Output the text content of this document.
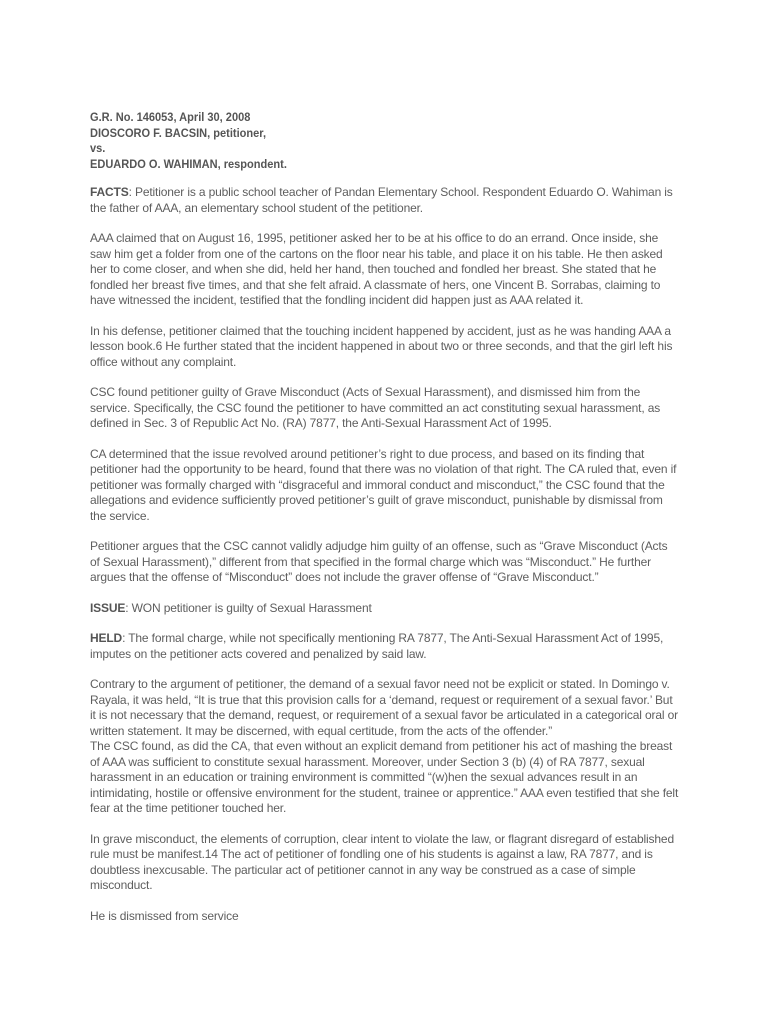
G.R. No. 146053, April 30, 2008
DIOSCORO F. BACSIN, petitioner,
vs.
EDUARDO O. WAHIMAN, respondent.

FACTS: Petitioner is a public school teacher of Pandan Elementary School. Respondent Eduardo O. Wahiman is the father of AAA, an elementary school student of the petitioner.

AAA claimed that on August 16, 1995, petitioner asked her to be at his office to do an errand. Once inside, she saw him get a folder from one of the cartons on the floor near his table, and place it on his table. He then asked her to come closer, and when she did, held her hand, then touched and fondled her breast. She stated that he fondled her breast five times, and that she felt afraid. A classmate of hers, one Vincent B. Sorrabas, claiming to have witnessed the incident, testified that the fondling incident did happen just as AAA related it.

In his defense, petitioner claimed that the touching incident happened by accident, just as he was handing AAA a lesson book.6 He further stated that the incident happened in about two or three seconds, and that the girl left his office without any complaint.

CSC found petitioner guilty of Grave Misconduct (Acts of Sexual Harassment), and dismissed him from the service. Specifically, the CSC found the petitioner to have committed an act constituting sexual harassment, as defined in Sec. 3 of Republic Act No. (RA) 7877, the Anti-Sexual Harassment Act of 1995.

CA determined that the issue revolved around petitioner’s right to due process, and based on its finding that petitioner had the opportunity to be heard, found that there was no violation of that right. The CA ruled that, even if petitioner was formally charged with “disgraceful and immoral conduct and misconduct,” the CSC found that the allegations and evidence sufficiently proved petitioner’s guilt of grave misconduct, punishable by dismissal from the service.

Petitioner argues that the CSC cannot validly adjudge him guilty of an offense, such as “Grave Misconduct (Acts of Sexual Harassment),” different from that specified in the formal charge which was “Misconduct.” He further argues that the offense of “Misconduct” does not include the graver offense of “Grave Misconduct.”

ISSUE: WON petitioner is guilty of Sexual Harassment

HELD: The formal charge, while not specifically mentioning RA 7877, The Anti-Sexual Harassment Act of 1995, imputes on the petitioner acts covered and penalized by said law.

Contrary to the argument of petitioner, the demand of a sexual favor need not be explicit or stated. In Domingo v. Rayala, it was held, “It is true that this provision calls for a ‘demand, request or requirement of a sexual favor.’ But it is not necessary that the demand, request, or requirement of a sexual favor be articulated in a categorical oral or written statement. It may be discerned, with equal certitude, from the acts of the offender.”

The CSC found, as did the CA, that even without an explicit demand from petitioner his act of mashing the breast of AAA was sufficient to constitute sexual harassment. Moreover, under Section 3 (b) (4) of RA 7877, sexual harassment in an education or training environment is committed “(w)hen the sexual advances result in an intimidating, hostile or offensive environment for the student, trainee or apprentice.” AAA even testified that she felt fear at the time petitioner touched her.

In grave misconduct, the elements of corruption, clear intent to violate the law, or flagrant disregard of established rule must be manifest.14 The act of petitioner of fondling one of his students is against a law, RA 7877, and is doubtless inexcusable. The particular act of petitioner cannot in any way be construed as a case of simple misconduct.

He is dismissed from service
